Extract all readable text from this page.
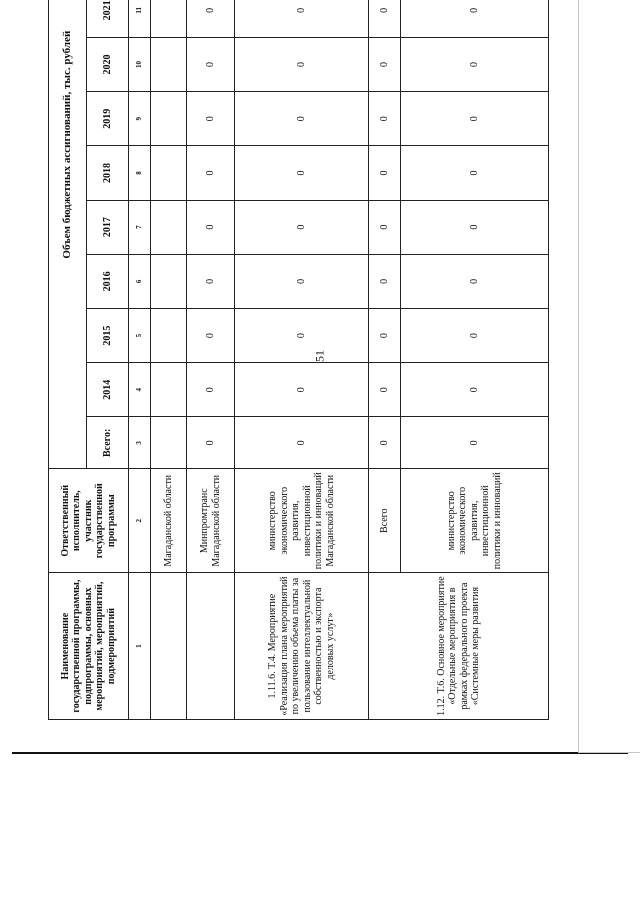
51
Наименование государственной программы, подпрограммы, основных мероприятий, мероприятий, подмероприятий	Ответственный исполнитель, участник государственной программы	Объем бюджетных ассигнований, тыс. рублей											
		Всего:	2014	2015	2016	2017	2018	2019	2020	2021			
1	2	3	4	5	6	7	8	9	10	11			
	Магаданской области												
	Минпромтранс Магаданской области	0	0	0	0	0	0	0	0	0			
1.11.6. Т.4. Мероприятие «Реализация плана мероприятий по увеличению объема платы за пользование интеллектуальной собственностью и экспорта деловых услуг»	министерство экономического развития, инвестиционной политики и инноваций Магаданской области	0	0	0	0	0	0	0	0	0			
1.12. Т.6. Основное мероприятие «Отдельные мероприятия в рамках федерального проекта «Системные меры развития	Всего	0	0	0	0	0	0	0	0	0			
	министерство экономического развития, инвестиционной политики и инноваций	0	0	0	0	0	0	0	0	0			
